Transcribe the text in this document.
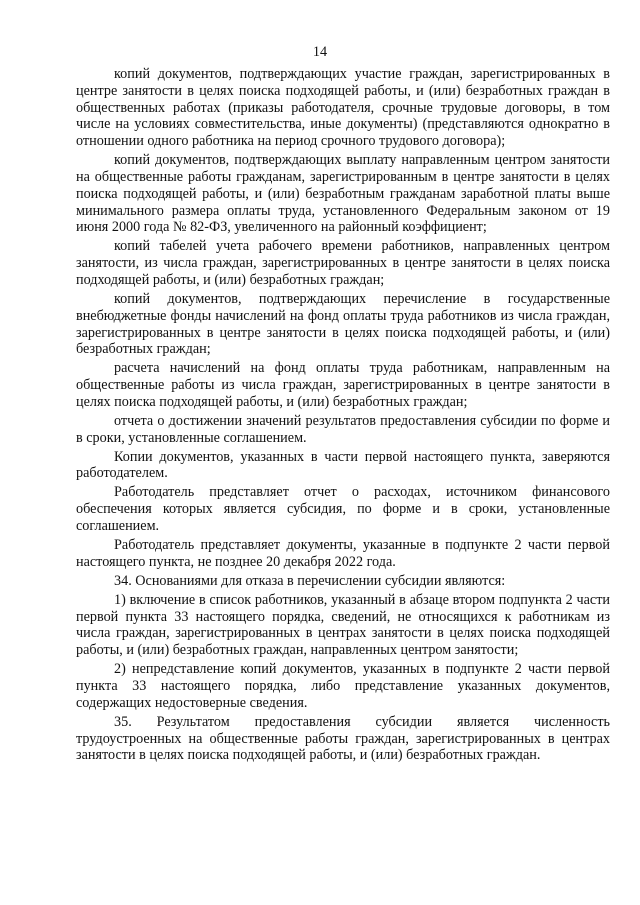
14

копий документов, подтверждающих участие граждан, зарегистрированных в центре занятости в целях поиска подходящей работы, и (или) безработных граждан в общественных работах (приказы работодателя, срочные трудовые договоры, в том числе на условиях совместительства, иные документы) (представляются однократно в отношении одного работника на период срочного трудового договора);

копий документов, подтверждающих выплату направленным центром занятости на общественные работы гражданам, зарегистрированным в центре занятости в целях поиска подходящей работы, и (или) безработным гражданам заработной платы выше минимального размера оплаты труда, установленного Федеральным законом от 19 июня 2000 года № 82-ФЗ, увеличенного на районный коэффициент;

копий табелей учета рабочего времени работников, направленных центром занятости, из числа граждан, зарегистрированных в центре занятости в целях поиска подходящей работы, и (или) безработных граждан;

копий документов, подтверждающих перечисление в государственные внебюджетные фонды начислений на фонд оплаты труда работников из числа граждан, зарегистрированных в центре занятости в целях поиска подходящей работы, и (или) безработных граждан;

расчета начислений на фонд оплаты труда работникам, направленным на общественные работы из числа граждан, зарегистрированных в центре занятости в целях поиска подходящей работы, и (или) безработных граждан;

отчета о достижении значений результатов предоставления субсидии по форме и в сроки, установленные соглашением.

Копии документов, указанных в части первой настоящего пункта, заверяются работодателем.

Работодатель представляет отчет о расходах, источником финансового обеспечения которых является субсидия, по форме и в сроки, установленные соглашением.

Работодатель представляет документы, указанные в подпункте 2 части первой настоящего пункта, не позднее 20 декабря 2022 года.

34. Основаниями для отказа в перечислении субсидии являются:

1) включение в список работников, указанный в абзаце втором подпункта 2 части первой пункта 33 настоящего порядка, сведений, не относящихся к работникам из числа граждан, зарегистрированных в центрах занятости в целях поиска подходящей работы, и (или) безработных граждан, направленных центром занятости;

2) непредставление копий документов, указанных в подпункте 2 части первой пункта 33 настоящего порядка, либо представление указанных документов, содержащих недостоверные сведения.

35. Результатом предоставления субсидии является численность трудоустроенных на общественные работы граждан, зарегистрированных в центрах занятости в целях поиска подходящей работы, и (или) безработных граждан.
